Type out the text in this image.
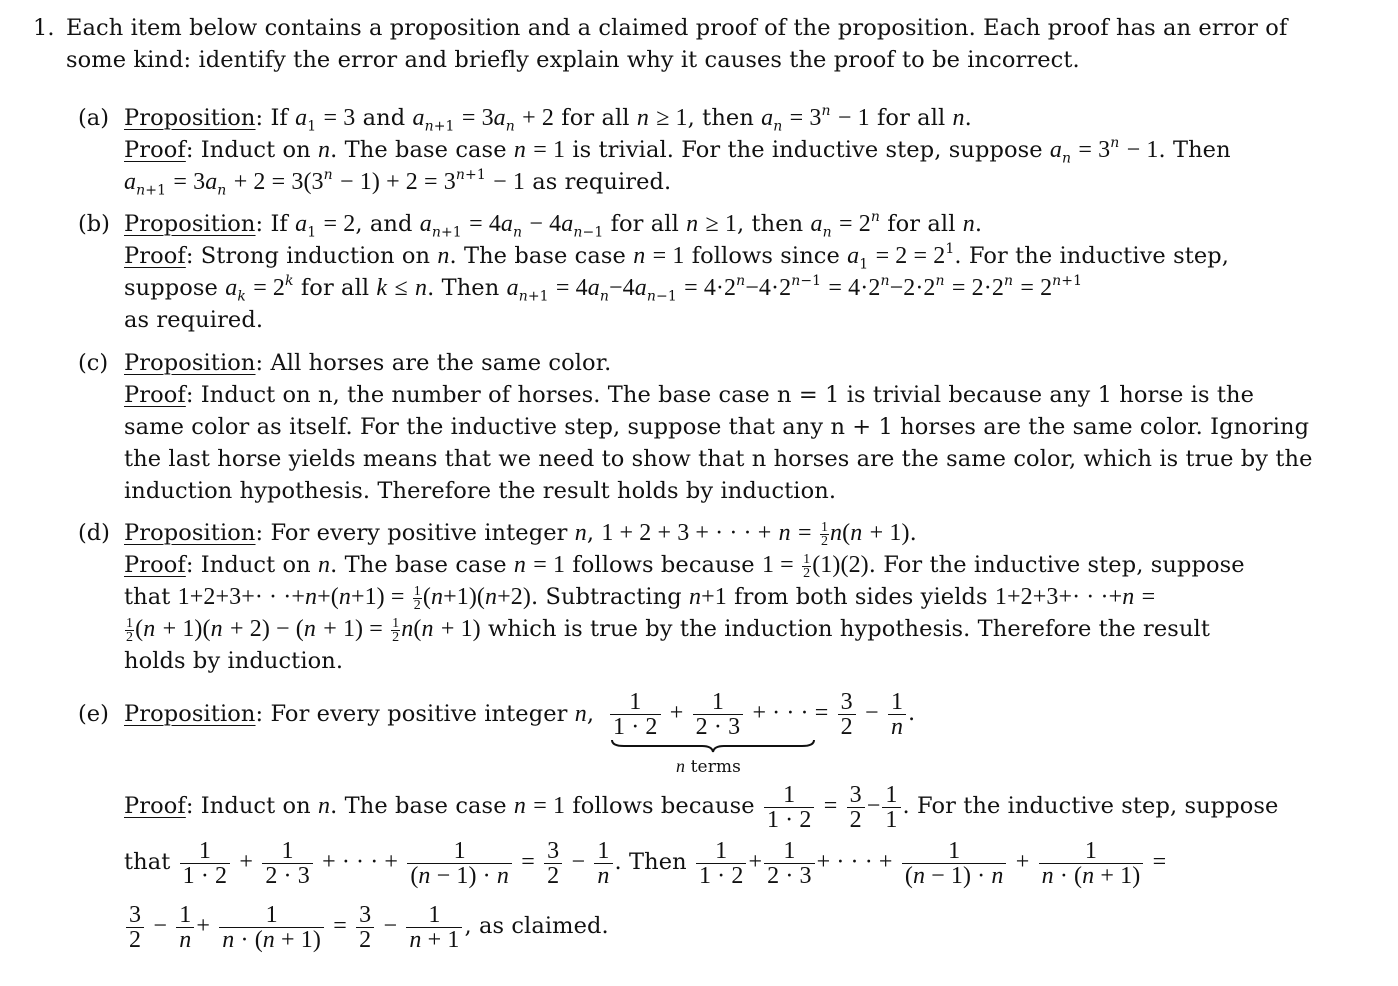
1. Each item below contains a proposition and a claimed proof of the proposition. Each proof has an error of
some kind: identify the error and briefly explain why it causes the proof to be incorrect.
(a) Proposition: If $a_1 = 3$ and $a_{n+1} = 3a_n + 2$ for all n ≥ 1, then $a_n = 3^n - 1$ for all n.
Proof: Induct on n. The base case n = 1 is trivial. For the inductive step, suppose $a_n = 3^n - 1$. Then
$a_{n+1} = 3a_n + 2 = 3(3^n - 1) + 2 = 3^{n+1} - 1$ as required.
(b) Proposition: If $a_1 = 2$, and $a_{n+1} = 4a_n - 4a_{n-1}$ for all n ≥ 1, then $a_n = 2^n$ for all n.
Proof: Strong induction on n. The base case n = 1 follows since $a_1 = 2 = 2^1$. For the inductive step,
suppose $a_k = 2^k$ for all k ≤ n. Then $a_{n+1} = 4a_n-4a_{n-1} = 4\cdot 2^n-4\cdot 2^{n-1} = 4\cdot 2^n-2\cdot 2^n = 2\cdot 2^n = 2^{n+1}$
as required.
(c) Proposition: All horses are the same color.
Proof: Induct on n, the number of horses. The base case n = 1 is trivial because any 1 horse is the
same color as itself. For the inductive step, suppose that any n + 1 horses are the same color. Ignoring
the last horse yields means that we need to show that n horses are the same color, which is true by the
induction hypothesis. Therefore the result holds by induction.
(d) Proposition: For every positive integer n, 1 + 2 + 3 + · · · + $n = \frac{1}{2} n(n + 1)$.
Proof: Induct on n. The base case n = 1 follows because $1 = \frac{1}{2} (1)(2)$. For the inductive step, suppose
that $1+2+3+\cdot \cdot \cdot+n+(n+1) = \frac{1}{2} (n+1)(n+2)$. Subtracting n+1 from both sides yields 1+2+3+· · ·+n =
$\frac{1}{2} (n + 1)(n + 2) - (n + 1) = \frac{1}{2} n(n + 1)$ which is true by the induction hypothesis. Therefore the result
holds by induction.
(e) Proposition: For every positive integer n, $\frac{1}{1 \cdot 2} + \frac{1}{2 \cdot 3}$ + · · · = $\frac{3}{2} - \frac{1}{n}$ .
n terms
Proof: Induct on n. The base case n = 1 follows because $\frac{1}{1 \cdot 2} = \frac{3}{2} - \frac{1}{1}$ . For the inductive step, suppose
that $\frac{1}{1 \cdot 2} + \frac{1}{2 \cdot 3}$ + · · · + $\frac{1}{(n - 1) \cdot n} = \frac{3}{2} - \frac{1}{n}$ . Then $\frac{1}{1 \cdot 2} + \frac{1}{2 \cdot 3}$ + · · · + $\frac{1}{(n - 1) \cdot n} + \frac{1}{n \cdot (n + 1)}$ =
$\frac{3}{2} - \frac{1}{n} + \frac{1}{n \cdot (n + 1)} = \frac{3}{2} - \frac{1}{n + 1}$ , as claimed.
